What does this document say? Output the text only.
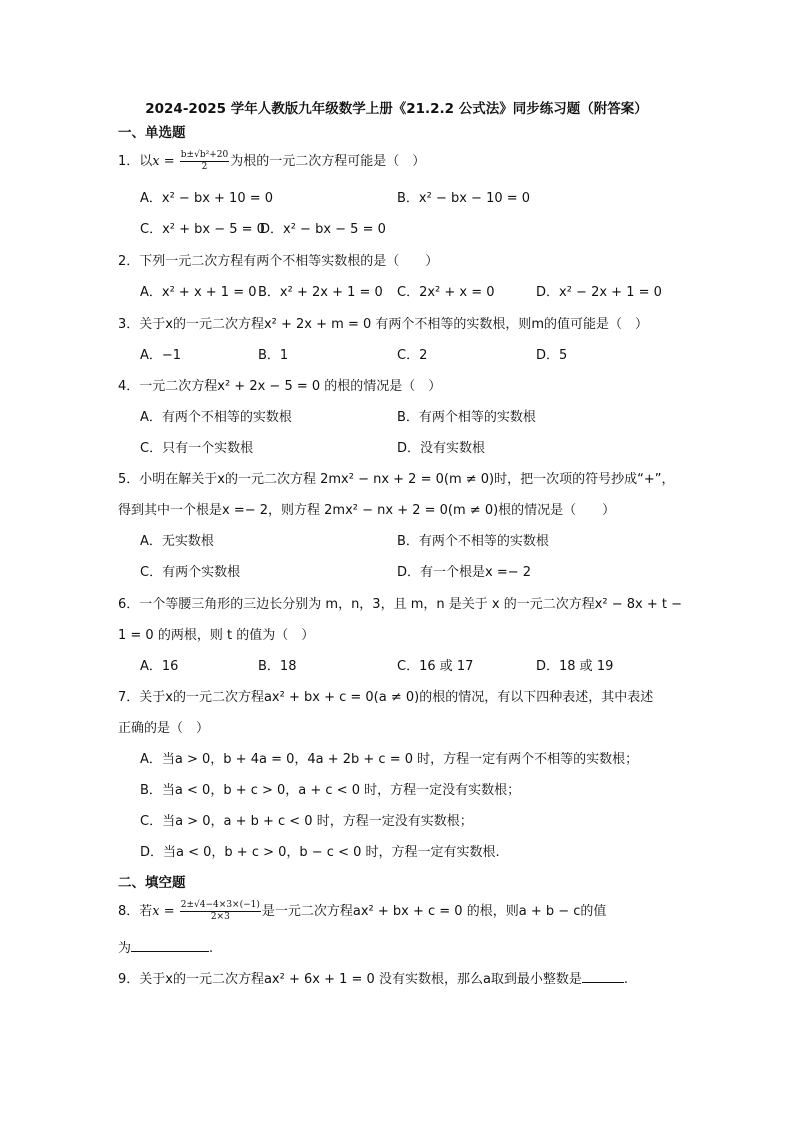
2024-2025 学年人教版九年级数学上册《21.2.2 公式法》同步练习题（附答案）
一、单选题
1．以$x = \frac{\text{b±√b²+20}}{2}$ 为根的一元二次方程可能是（　）
A．x² − bx + 10 = 0	B．x² − bx − 10 = 0
C．x² + bx − 5 = 0
D．x² − bx − 5 = 0
2．下列一元二次方程有两个不相等实数根的是（　　）
A．x² + x + 1 = 0 B．x² + 2x + 1 = 0 C．2x² + x = 0	D．x² − 2x + 1 = 0
3．关于x的一元二次方程x² + 2x + m = 0 有两个不相等的实数根，则m的值可能是（　）
A．−1	B．1	C．2	D．5
4．一元二次方程x² + 2x − 5 = 0 的根的情况是（　）
A．有两个不相等的实数根	B．有两个相等的实数根
C．只有一个实数根	D．没有实数根
5．小明在解关于x的一元二次方程 2mx² − nx + 2 = 0(m ≠ 0)时，把一次项的符号抄成“+”，
得到其中一个根是x =− 2，则方程 2mx² − nx + 2 = 0(m ≠ 0)根的情况是（　　）
A．无实数根	B．有两个不相等的实数根
C．有两个实数根	D．有一个根是x =− 2
6．一个等腰三角形的三边长分别为 m，n，3，且 m，n 是关于 x 的一元二次方程x² − 8x + t −
1 = 0 的两根，则 t 的值为（　）
A．16	B．18	C．16 或 17	D．18 或 19
7．关于x的一元二次方程ax² + bx + c = 0(a ≠ 0)的根的情况，有以下四种表述，其中表述
正确的是（　）
A．当a > 0，b + 4a = 0，4a + 2b + c = 0 时，方程一定有两个不相等的实数根；
B．当a < 0，b + c > 0，a + c < 0 时，方程一定没有实数根；
C．当a > 0，a + b + c < 0 时，方程一定没有实数根；
D．当a < 0，b + c > 0，b − c < 0 时，方程一定有实数根.
二、填空题
8．若$x = \frac{2\pm√4-4\times 3\times(-1)}{2\times 3}$ 是一元二次方程ax² + bx + c = 0 的根，则a + b − c的值
为	.
9．关于x的一元二次方程ax² + 6x + 1 = 0 没有实数根，那么a取到最小整数是	.
